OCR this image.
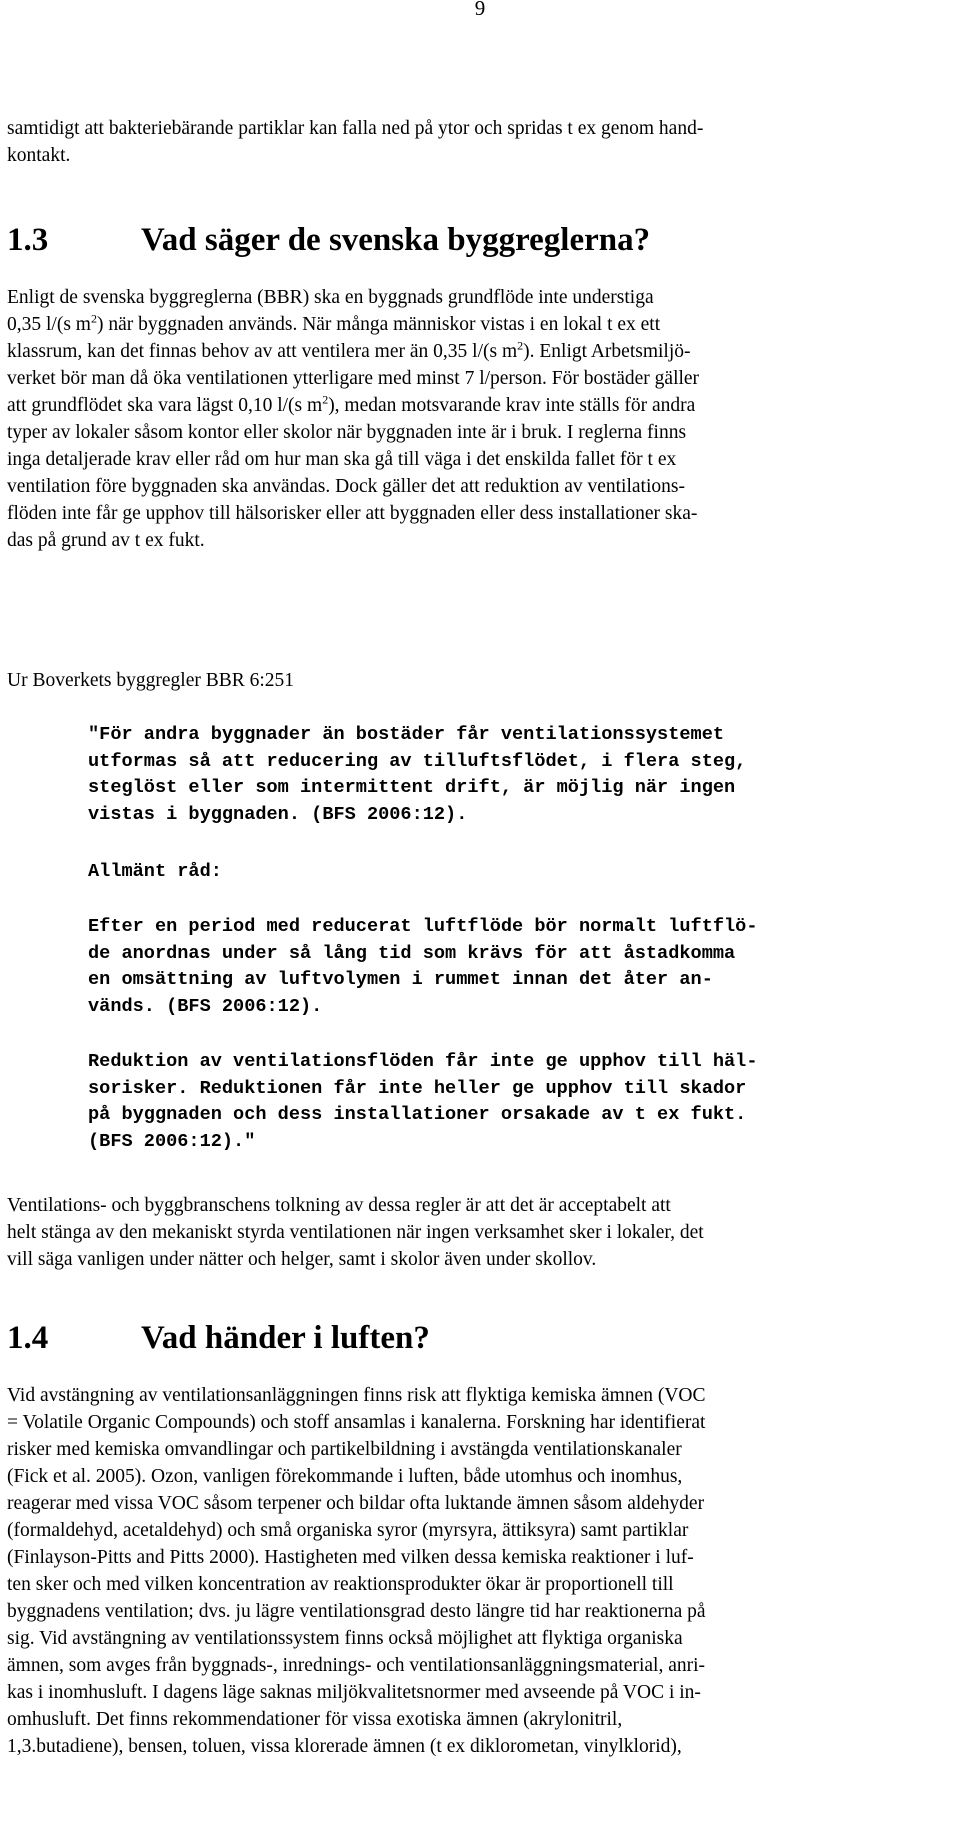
9
samtidigt att bakteriebärande partiklar kan falla ned på ytor och spridas t ex genom hand-
kontakt.
1.3	Vad säger de svenska byggreglerna?
Enligt de svenska byggreglerna (BBR) ska en byggnads grundflöde inte understiga
0,35 l/(s $m^2$) när byggnaden används. När många människor vistas i en lokal t ex ett
klassrum, kan det finnas behov av att ventilera mer än 0,35 l/(s $m^2$). Enligt Arbetsmiljö-
verket bör man då öka ventilationen ytterligare med minst 7 l/person. För bostäder gäller
att grundflödet ska vara lägst 0,10 l/(s $m^2$), medan motsvarande krav inte ställs för andra
typer av lokaler såsom kontor eller skolor när byggnaden inte är i bruk. I reglerna finns
inga detaljerade krav eller råd om hur man ska gå till väga i det enskilda fallet för t ex
ventilation före byggnaden ska användas. Dock gäller det att reduktion av ventilations-
flöden inte får ge upphov till hälsorisker eller att byggnaden eller dess installationer ska-
das på grund av t ex fukt.
Ur Boverkets byggregler BBR 6:251
"För andra byggnader än bostäder får ventilationssystemet
utformas så att reducering av tilluftsflödet, i flera steg,
steglöst eller som intermittent drift, är möjlig när ingen
vistas i byggnaden. (BFS 2006:12).
Allmänt råd:
Efter en period med reducerat luftflöde bör normalt luftflö-
de anordnas under så lång tid som krävs för att åstadkomma
en omsättning av luftvolymen i rummet innan det åter an-
vänds. (BFS 2006:12).
Reduktion av ventilationsflöden får inte ge upphov till häl-
sorisker. Reduktionen får inte heller ge upphov till skador
på byggnaden och dess installationer orsakade av t ex fukt.
(BFS 2006:12)."
Ventilations- och byggbranschens tolkning av dessa regler är att det är acceptabelt att
helt stänga av den mekaniskt styrda ventilationen när ingen verksamhet sker i lokaler, det
vill säga vanligen under nätter och helger, samt i skolor även under skollov.
1.4	Vad händer i luften?
Vid avstängning av ventilationsanläggningen finns risk att flyktiga kemiska ämnen (VOC
= Volatile Organic Compounds) och stoff ansamlas i kanalerna. Forskning har identifierat
risker med kemiska omvandlingar och partikelbildning i avstängda ventilationskanaler
(Fick et al. 2005). Ozon, vanligen förekommande i luften, både utomhus och inomhus,
reagerar med vissa VOC såsom terpener och bildar ofta luktande ämnen såsom aldehyder
(formaldehyd, acetaldehyd) och små organiska syror (myrsyra, ättiksyra) samt partiklar
(Finlayson-Pitts and Pitts 2000). Hastigheten med vilken dessa kemiska reaktioner i luf-
ten sker och med vilken koncentration av reaktionsprodukter ökar är proportionell till
byggnadens ventilation; dvs. ju lägre ventilationsgrad desto längre tid har reaktionerna på
sig. Vid avstängning av ventilationssystem finns också möjlighet att flyktiga organiska
ämnen, som avges från byggnads-, inrednings- och ventilationsanläggningsmaterial, anri-
kas i inomhusluft. I dagens läge saknas miljökvalitetsnormer med avseende på VOC i in-
omhusluft. Det finns rekommendationer för vissa exotiska ämnen (akrylonitril,
1,3.butadiene), bensen, toluen, vissa klorerade ämnen (t ex diklorometan, vinylklorid),
